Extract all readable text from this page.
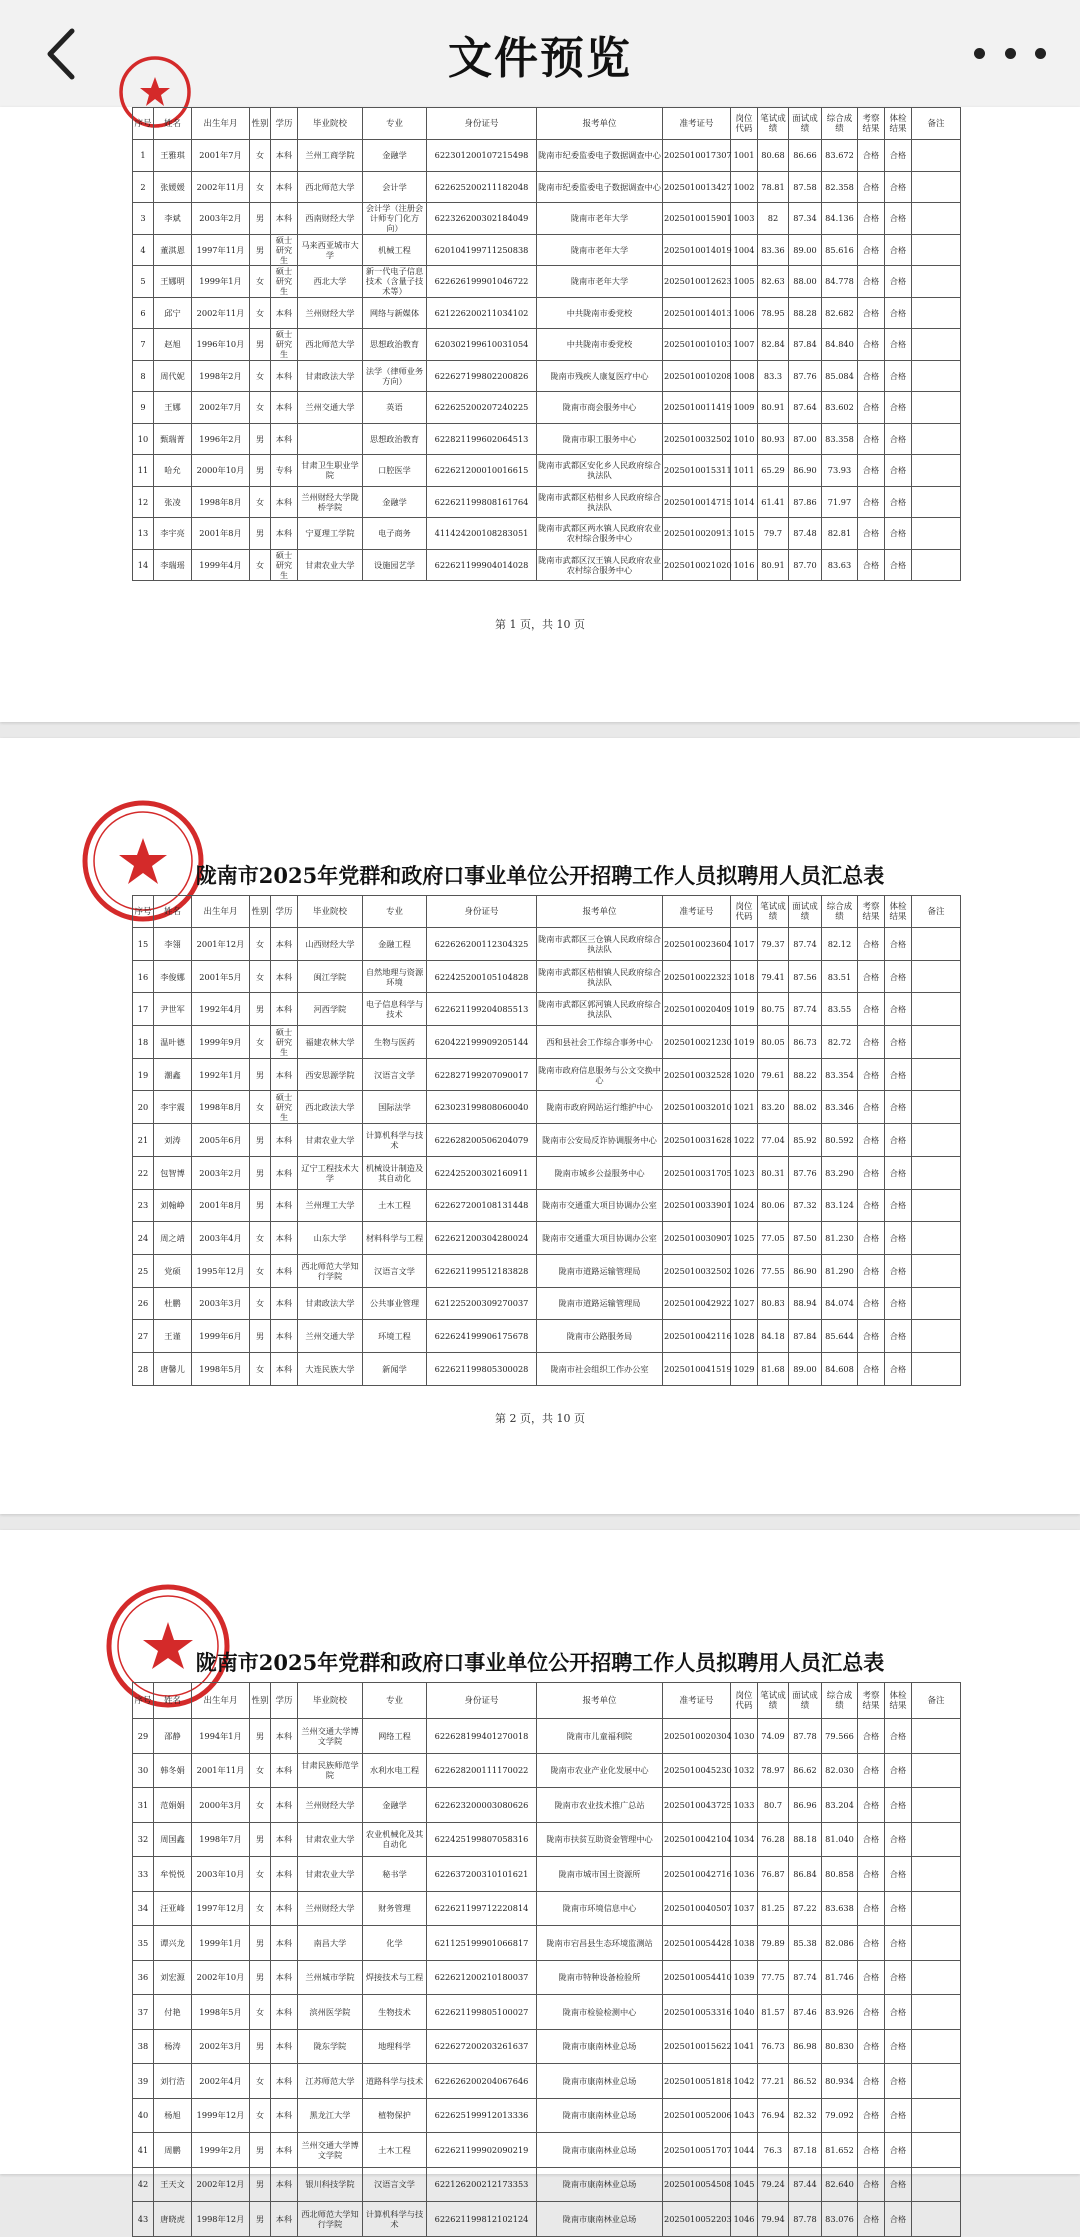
文件预览
序号	姓名	出生年月	性别	学历	毕业院校	专业	身份证号	报考单位	准考证号	岗位代码	笔试成绩	面试成绩	综合成绩	考察结果	体检结果	备注
1	王雅琪	2001年7月	女	本科	兰州工商学院	金融学	622301200107215498	陇南市纪委监委电子数据调查中心	2025010017307	1001	80.68	86.66	83.672	合格	合格	
2	张媛媛	2002年11月	女	本科	西北师范大学	会计学	622625200211182048	陇南市纪委监委电子数据调查中心	2025010013427	1002	78.81	87.58	82.358	合格	合格	
3	李斌	2003年2月	男	本科	西南财经大学	会计学（注册会计师专门化方向）	622326200302184049	陇南市老年大学	2025010015901	1003	82	87.34	84.136	合格	合格	
4	董淇恩	1997年11月	男	硕士研究生	马来西亚城市大学	机械工程	620104199711250838	陇南市老年大学	2025010014019	1004	83.36	89.00	85.616	合格	合格	
5	王娜明	1999年1月	女	硕士研究生	西北大学	新一代电子信息技术（含量子技术等）	622626199901046722	陇南市老年大学	2025010012623	1005	82.63	88.00	84.778	合格	合格	
6	邱宁	2002年11月	女	本科	兰州财经大学	网络与新媒体	621226200211034102	中共陇南市委党校	2025010014013	1006	78.95	88.28	82.682	合格	合格	
7	赵旭	1996年10月	男	硕士研究生	西北师范大学	思想政治教育	620302199610031054	中共陇南市委党校	2025010010103	1007	82.84	87.84	84.840	合格	合格	
8	周代妮	1998年2月	女	本科	甘肃政法大学	法学（律师业务方向）	622627199802200826	陇南市残疾人康复医疗中心	2025010010208	1008	83.3	87.76	85.084	合格	合格	
9	王娜	2002年7月	女	本科	兰州交通大学	英语	622625200207240225	陇南市商会服务中心	2025010011419	1009	80.91	87.64	83.602	合格	合格	
10	甄瑞菁	1996年2月	男	本科		思想政治教育	622821199602064513	陇南市职工服务中心	2025010032502	1010	80.93	87.00	83.358	合格	合格	
11	哈允	2000年10月	男	专科	甘肃卫生职业学院	口腔医学	622621200010016615	陇南市武都区安化乡人民政府综合执法队	2025010015311	1011	65.29	86.90	73.93	合格	合格	
12	张凌	1998年8月	女	本科	兰州财经大学陇桥学院	金融学	622621199808161764	陇南市武都区桔柑乡人民政府综合执法队	2025010014715	1014	61.41	87.86	71.97	合格	合格	
13	李宇亮	2001年8月	男	本科	宁夏理工学院	电子商务	411424200108283051	陇南市武都区两水镇人民政府农业农村综合服务中心	2025010020913	1015	79.7	87.48	82.81	合格	合格	
14	李瑞瑶	1999年4月	女	硕士研究生	甘肃农业大学	设施园艺学	622621199904014028	陇南市武都区汉王镇人民政府农业农村综合服务中心	2025010021020	1016	80.91	87.70	83.63	合格	合格	
第 1 页，共 10 页
陇南市2025年党群和政府口事业单位公开招聘工作人员拟聘用人员汇总表
序号	姓名	出生年月	性别	学历	毕业院校	专业	身份证号	报考单位	准考证号	岗位代码	笔试成绩	面试成绩	综合成绩	考察结果	体检结果	备注
15	李翎	2001年12月	女	本科	山西财经大学	金融工程	622626200112304325	陇南市武都区三仓镇人民政府综合执法队	2025010023604	1017	79.37	87.74	82.12	合格	合格	
16	李俊娜	2001年5月	女	本科	闽江学院	自然地理与资源环境	622425200105104828	陇南市武都区桔柑镇人民政府综合执法队	2025010022323	1018	79.41	87.56	83.51	合格	合格	
17	尹世军	1992年4月	男	本科	河西学院	电子信息科学与技术	622621199204085513	陇南市武都区郭河镇人民政府综合执法队	2025010020409	1019	80.75	87.74	83.55	合格	合格	
18	温叶德	1999年9月	女	硕士研究生	福建农林大学	生物与医药	620422199909205144	西和县社会工作综合事务中心	2025010021230	1019	80.05	86.73	82.72	合格	合格	
19	潮鑫	1992年1月	男	本科	西安思源学院	汉语言文学	622827199207090017	陇南市政府信息服务与公文交换中心	2025010032528	1020	79.61	88.22	83.354	合格	合格	
20	李宇震	1998年8月	女	硕士研究生	西北政法大学	国际法学	623023199808060040	陇南市政府网站运行维护中心	2025010032010	1021	83.20	88.02	83.346	合格	合格	
21	刘涛	2005年6月	男	本科	甘肃农业大学	计算机科学与技术	622628200506204079	陇南市公安局反诈协调服务中心	2025010031628	1022	77.04	85.92	80.592	合格	合格	
22	包智博	2003年2月	男	本科	辽宁工程技术大学	机械设计制造及其自动化	622425200302160911	陇南市城乡公益服务中心	2025010031705	1023	80.31	87.76	83.290	合格	合格	
23	刘翰峥	2001年8月	男	本科	兰州理工大学	土木工程	622627200108131448	陇南市交通重大项目协调办公室	2025010033901	1024	80.06	87.32	83.124	合格	合格	
24	周之靖	2003年4月	女	本科	山东大学	材料科学与工程	622621200304280024	陇南市交通重大项目协调办公室	2025010030907	1025	77.05	87.50	81.230	合格	合格	
25	党硕	1995年12月	女	本科	西北师范大学知行学院	汉语言文学	622621199512183828	陇南市道路运输管理局	2025010032502	1026	77.55	86.90	81.290	合格	合格	
26	杜鹏	2003年3月	女	本科	甘肃政法大学	公共事业管理	621225200309270037	陇南市道路运输管理局	2025010042922	1027	80.83	88.94	84.074	合格	合格	
27	王谨	1999年6月	男	本科	兰州交通大学	环境工程	622624199906175678	陇南市公路服务局	2025010042116	1028	84.18	87.84	85.644	合格	合格	
28	唐馨儿	1998年5月	女	本科	大连民族大学	新闻学	622621199805300028	陇南市社会组织工作办公室	2025010041519	1029	81.68	89.00	84.608	合格	合格	
第 2 页，共 10 页
陇南市2025年党群和政府口事业单位公开招聘工作人员拟聘用人员汇总表
序号	姓名	出生年月	性别	学历	毕业院校	专业	身份证号	报考单位	准考证号	岗位代码	笔试成绩	面试成绩	综合成绩	考察结果	体检结果	备注
29	邵静	1994年1月	男	本科	兰州交通大学博文学院	网络工程	622628199401270018	陇南市儿童福利院	2025010020304	1030	74.09	87.78	79.566	合格	合格	
30	韩冬娟	2001年11月	女	本科	甘肃民族师范学院	水利水电工程	622628200111170022	陇南市农业产业化发展中心	2025010045230	1032	78.97	86.62	82.030	合格	合格	
31	范娟娟	2000年3月	女	本科	兰州财经大学	金融学	622623200003080626	陇南市农业技术推广总站	2025010043725	1033	80.7	86.96	83.204	合格	合格	
32	周国鑫	1998年7月	男	本科	甘肃农业大学	农业机械化及其自动化	622425199807058316	陇南市扶贫互助资金管理中心	2025010042104	1034	76.28	88.18	81.040	合格	合格	
33	牟悦悦	2003年10月	女	本科	甘肃农业大学	秘书学	622637200310101621	陇南市城市国土资源所	2025010042716	1036	76.87	86.84	80.858	合格	合格	
34	汪亚峰	1997年12月	女	本科	兰州财经大学	财务管理	622621199712220814	陇南市环境信息中心	2025010040507	1037	81.25	87.22	83.638	合格	合格	
35	谭兴龙	1999年1月	男	本科	南昌大学	化学	621125199901066817	陇南市宕昌县生态环境监测站	2025010054428	1038	79.89	85.38	82.086	合格	合格	
36	刘宏源	2002年10月	男	本科	兰州城市学院	焊接技术与工程	622621200210180037	陇南市特种设备检验所	2025010054410	1039	77.75	87.74	81.746	合格	合格	
37	付艳	1998年5月	女	本科	滨州医学院	生物技术	622621199805100027	陇南市检验检测中心	2025010053316	1040	81.57	87.46	83.926	合格	合格	
38	杨涛	2002年3月	男	本科	陇东学院	地理科学	622627200203261637	陇南市康南林业总场	2025010015622	1041	76.73	86.98	80.830	合格	合格	
39	刘行浩	2002年4月	女	本科	江苏师范大学	道路科学与技术	622626200204067646	陇南市康南林业总场	2025010051818	1042	77.21	86.52	80.934	合格	合格	
40	杨旭	1999年12月	女	本科	黑龙江大学	植物保护	622625199912013336	陇南市康南林业总场	2025010052006	1043	76.94	82.32	79.092	合格	合格	
41	周鹏	1999年2月	男	本科	兰州交通大学博文学院	土木工程	622621199902090219	陇南市康南林业总场	2025010051707	1044	76.3	87.18	81.652	合格	合格	
42	王天文	2002年12月	男	本科	银川科技学院	汉语言文学	622126200212173353	陇南市康南林业总场	2025010054508	1045	79.24	87.44	82.640	合格	合格	
43	唐晓虎	1998年12月	男	本科	西北师范大学知行学院	计算机科学与技术	622621199812102124	陇南市康南林业总场	2025010052203	1046	79.94	87.78	83.076	合格	合格	
